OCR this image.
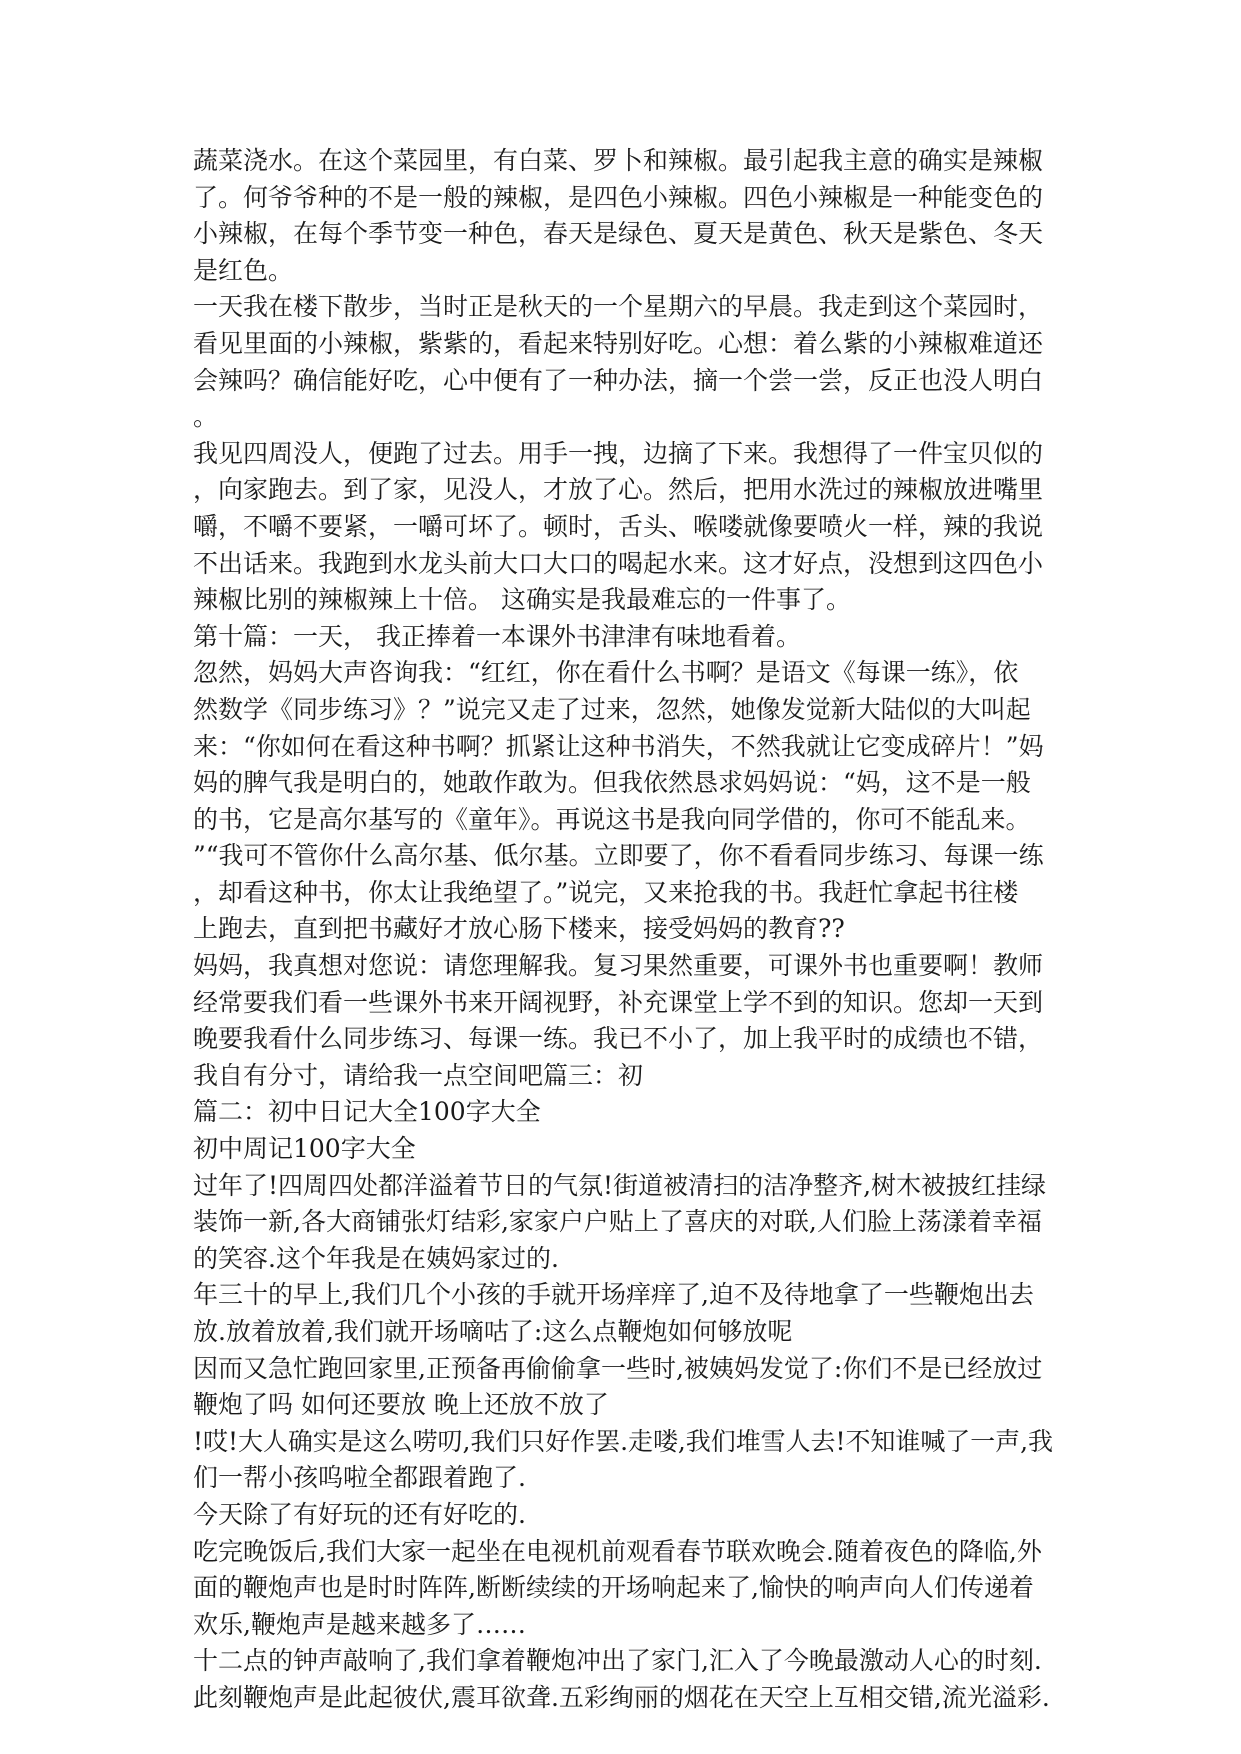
蔬菜浇水。在这个菜园里，有白菜、罗卜和辣椒。最引起我主意的确实是辣椒
了。何爷爷种的不是一般的辣椒，是四色小辣椒。四色小辣椒是一种能变色的
小辣椒，在每个季节变一种色，春天是绿色、夏天是黄色、秋天是紫色、冬天
是红色。
一天我在楼下散步，当时正是秋天的一个星期六的早晨。我走到这个菜园时，
看见里面的小辣椒，紫紫的，看起来特别好吃。心想：着么紫的小辣椒难道还
会辣吗？确信能好吃，心中便有了一种办法，摘一个尝一尝，反正也没人明白
。
我见四周没人，便跑了过去。用手一拽，边摘了下来。我想得了一件宝贝似的
，向家跑去。到了家，见没人，才放了心。然后，把用水洗过的辣椒放进嘴里
嚼，不嚼不要紧，一嚼可坏了。顿时，舌头、喉喽就像要喷火一样，辣的我说
不出话来。我跑到水龙头前大口大口的喝起水来。这才好点，没想到这四色小
辣椒比别的辣椒辣上十倍。 这确实是我最难忘的一件事了。
第十篇：一天， 我正捧着一本课外书津津有味地看着。
忽然，妈妈大声咨询我：“红红，你在看什么书啊？是语文《每课一练》，依
然数学《同步练习》？”说完又走了过来，忽然，她像发觉新大陆似的大叫起
来：“你如何在看这种书啊？抓紧让这种书消失，不然我就让它变成碎片！”妈
妈的脾气我是明白的，她敢作敢为。但我依然恳求妈妈说：“妈，这不是一般
的书，它是高尔基写的《童年》。再说这书是我向同学借的，你可不能乱来。
”“我可不管你什么高尔基、低尔基。立即要了，你不看看同步练习、每课一练
，却看这种书，你太让我绝望了。”说完，又来抢我的书。我赶忙拿起书往楼
上跑去，直到把书藏好才放心肠下楼来，接受妈妈的教育??
妈妈，我真想对您说：请您理解我。复习果然重要，可课外书也重要啊！教师
经常要我们看一些课外书来开阔视野，补充课堂上学不到的知识。您却一天到
晚要我看什么同步练习、每课一练。我已不小了，加上我平时的成绩也不错，
我自有分寸，请给我一点空间吧篇三：初
篇二：初中日记大全100字大全
初中周记100字大全
过年了!四周四处都洋溢着节日的气氛!街道被清扫的洁净整齐,树木被披红挂绿
装饰一新,各大商铺张灯结彩,家家户户贴上了喜庆的对联,人们脸上荡漾着幸福
的笑容.这个年我是在姨妈家过的.
年三十的早上,我们几个小孩的手就开场痒痒了,迫不及待地拿了一些鞭炮出去
放.放着放着,我们就开场嘀咕了:这么点鞭炮如何够放呢
因而又急忙跑回家里,正预备再偷偷拿一些时,被姨妈发觉了:你们不是已经放过
鞭炮了吗 如何还要放 晚上还放不放了
!哎!大人确实是这么唠叨,我们只好作罢.走喽,我们堆雪人去!不知谁喊了一声,我
们一帮小孩呜啦全都跟着跑了.
今天除了有好玩的还有好吃的.
吃完晚饭后,我们大家一起坐在电视机前观看春节联欢晚会.随着夜色的降临,外
面的鞭炮声也是时时阵阵,断断续续的开场响起来了,愉快的响声向人们传递着
欢乐,鞭炮声是越来越多了……
十二点的钟声敲响了,我们拿着鞭炮冲出了家门,汇入了今晚最激动人心的时刻.
此刻鞭炮声是此起彼伏,震耳欲聋.五彩绚丽的烟花在天空上互相交错,流光溢彩.
